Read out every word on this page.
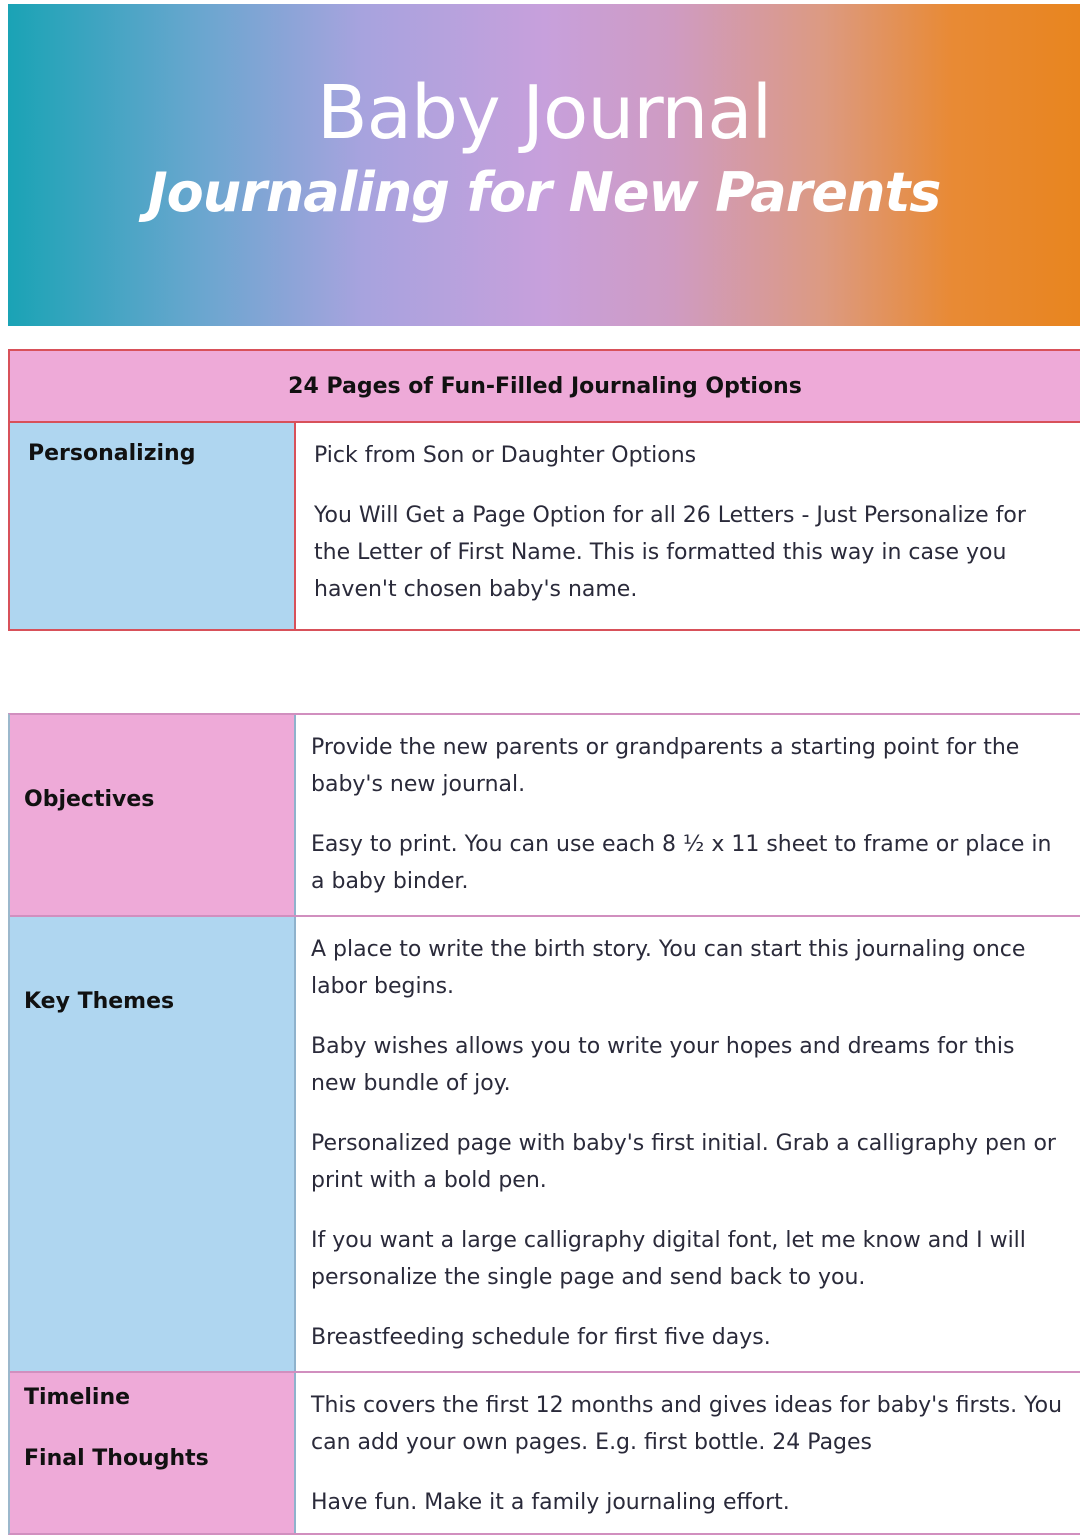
Baby Journal
Journaling for New Parents
24 Pages of Fun-Filled Journaling Options
Personalizing	Pick from Son or Daughter Options

You Will Get a Page Option for all 26 Letters - Just Personalize for the Letter of First Name. This is formatted this way in case you haven't chosen baby's name.

Objectives

Provide the new parents or grandparents a starting point for the baby's new journal.

Easy to print. You can use each 8 ½ x 11 sheet to frame or place in a baby binder.

Key Themes

A place to write the birth story. You can start this journaling once labor begins.

Baby wishes allows you to write your hopes and dreams for this new bundle of joy.

Personalized page with baby's first initial. Grab a calligraphy pen or print with a bold pen.

If you want a large calligraphy digital font, let me know and I will personalize the single page and send back to you.

Breastfeeding schedule for first five days.

Timeline
Final Thoughts

This covers the first 12 months and gives ideas for baby's firsts. You can add your own pages. E.g. first bottle. 24 Pages

Have fun. Make it a family journaling effort.
